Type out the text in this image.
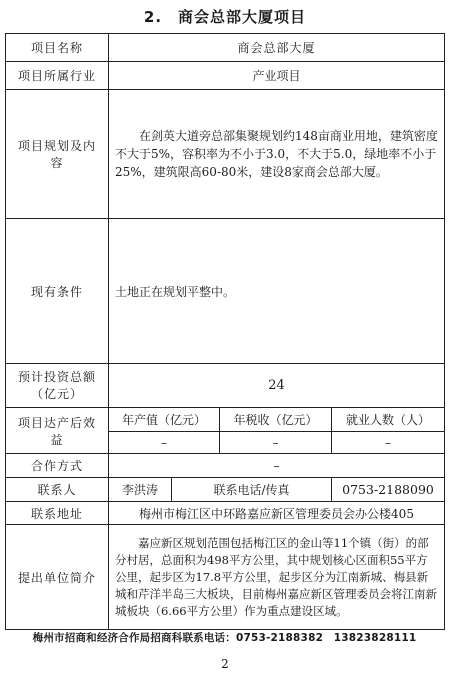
2.　商会总部大厦项目
项目名称	商会总部大厦			
项目所属行业	产业项目			
项目规划及内容	在剑英大道旁总部集聚规划约148亩商业用地，建筑密度不大于5%，容积率为不小于3.0，不大于5.0，绿地率不小于25%，建筑限高60-80米，建设8家商会总部大厦。			
现有条件	土地正在规划平整中。			
预计投资总额（亿元）	24			
项目达产后效益	年产值（亿元）		年税收（亿元）	就业人数（人）
	–		–	–
合作方式	–			
联系人	李洪涛	联系电话/传真		0753-2188090
联系地址	梅州市梅江区中环路嘉应新区管理委员会办公楼405			
提出单位简介	嘉应新区规划范围包括梅江区的金山等11个镇（街）的部分村居，总面积为498平方公里，其中规划核心区面积55平方公里，起步区为17.8平方公里，起步区分为江南新城、梅县新城和芹洋半岛三大板块，目前梅州嘉应新区管理委员会将江南新城板块（6.66平方公里）作为重点建设区域。			
梅州市招商和经济合作局招商科联系电话：0753-2188382　13823828111
2
